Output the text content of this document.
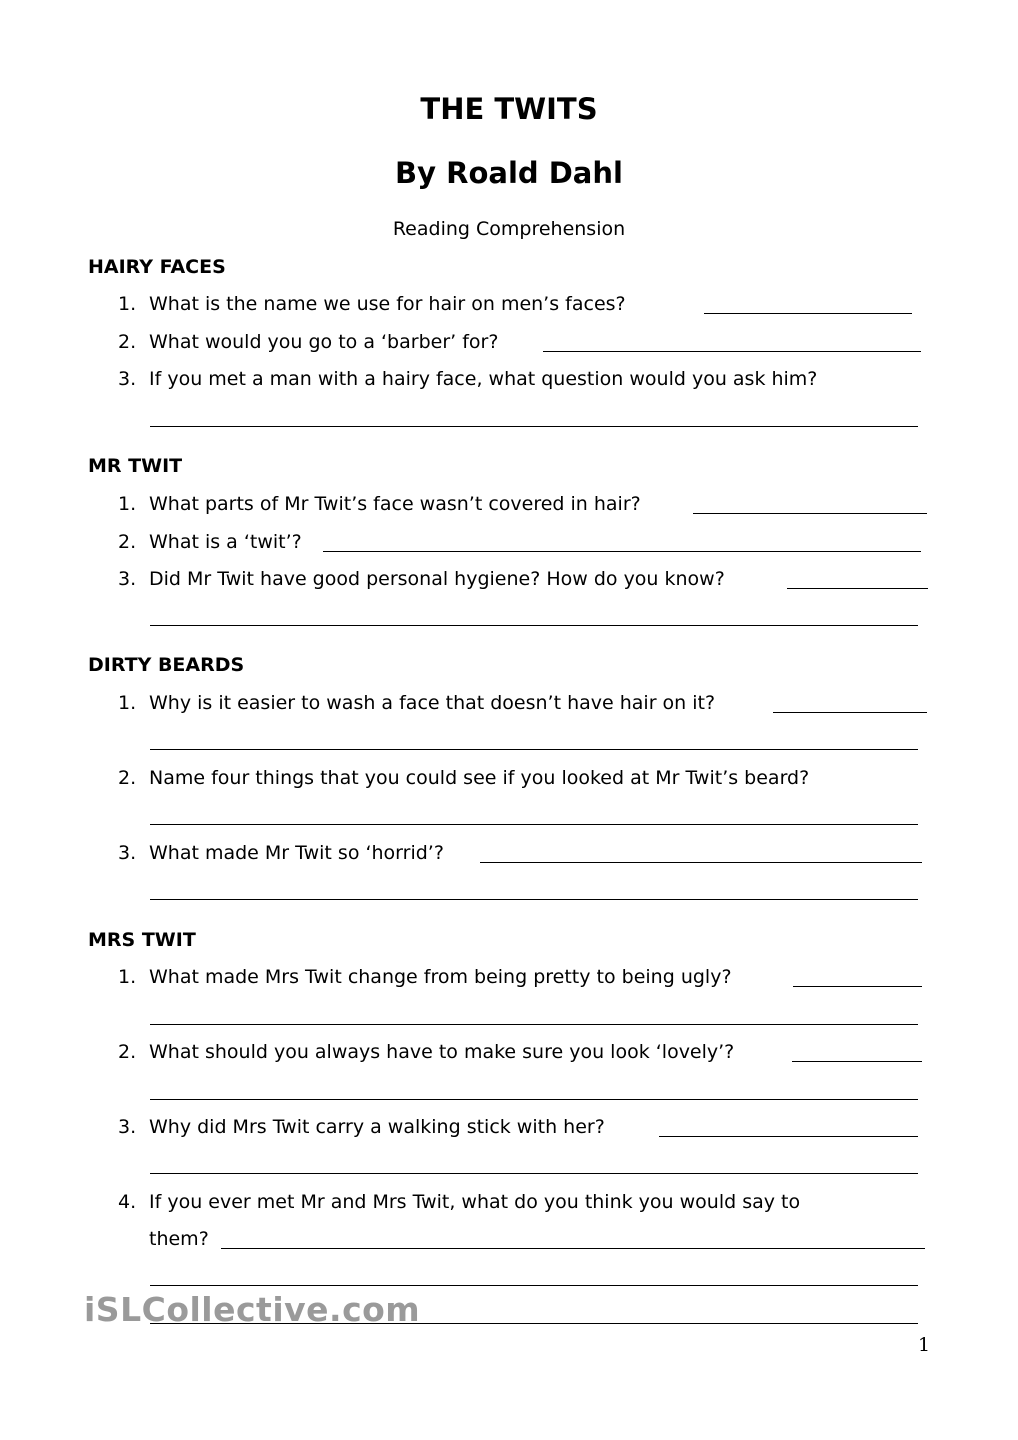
THE TWITS
By Roald Dahl
Reading Comprehension
HAIRY FACES
1. What is the name we use for hair on men’s faces?
2. What would you go to a ‘barber’ for?
3. If you met a man with a hairy face, what question would you ask him?
MR TWIT
1. What parts of Mr Twit’s face wasn’t covered in hair?
2. What is a ‘twit’?
3. Did Mr Twit have good personal hygiene? How do you know?
DIRTY BEARDS
1. Why is it easier to wash a face that doesn’t have hair on it?
2. Name four things that you could see if you looked at Mr Twit’s beard?
3. What made Mr Twit so ‘horrid’?
MRS TWIT
1. What made Mrs Twit change from being pretty to being ugly?
2. What should you always have to make sure you look ‘lovely’?
3. Why did Mrs Twit carry a walking stick with her?
4. If you ever met Mr and Mrs Twit, what do you think you would say to
them?
iSLCollective.com
1
